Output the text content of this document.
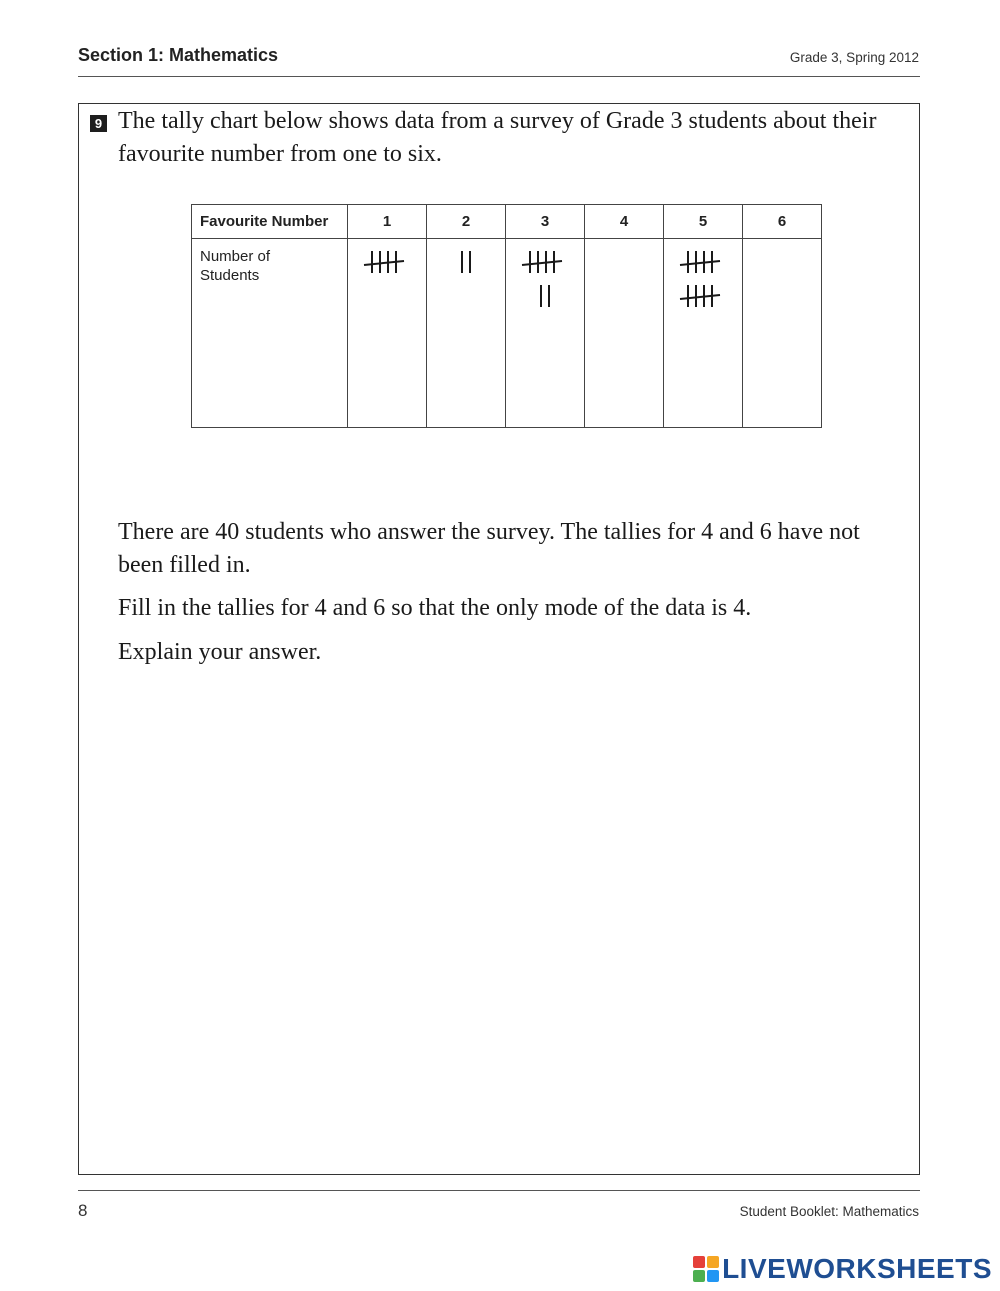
Section 1: Mathematics	Grade 3, Spring 2012
9 The tally chart below shows data from a survey of Grade 3 students about their favourite number from one to six.
Favourite Number	1	2	3	4	5	6

Number of
Students

There are 40 students who answer the survey. The tallies for 4 and 6 have not been filled in.

Fill in the tallies for 4 and 6 so that the only mode of the data is 4.

Explain your answer.

8	Student Booklet: Mathematics
LIVEWORKSHEETS
